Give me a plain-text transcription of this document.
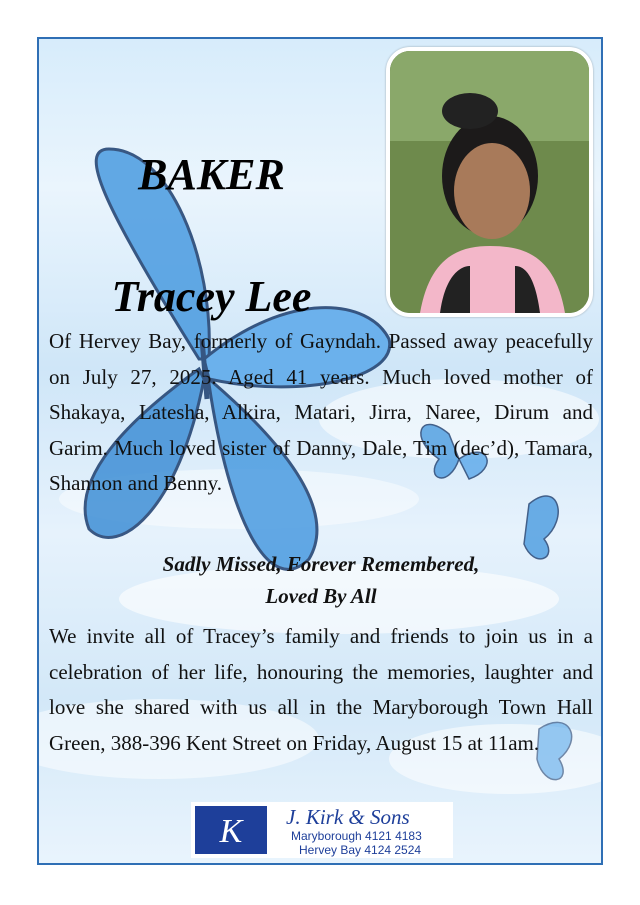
BAKER
Tracey Lee
Of Hervey Bay, formerly of Gayndah. Passed away peacefully on July 27, 2025. Aged 41 years. Much loved mother of Shakaya, Latesha, Alkira, Matari, Jirra, Naree, Dirum and Garim. Much loved sister of Danny, Dale, Tim (dec’d), Tamara, Shannon and Benny.
Sadly Missed, Forever Remembered,
Loved By All
We invite all of Tracey’s family and friends to join us in a celebration of her life, honouring the memories, laughter and love she shared with us all in the Maryborough Town Hall Green, 388-396 Kent Street on Friday, August 15 at 11am.
K J. Kirk & Sons
Maryborough 4121 4183
Hervey Bay 4124 2524
